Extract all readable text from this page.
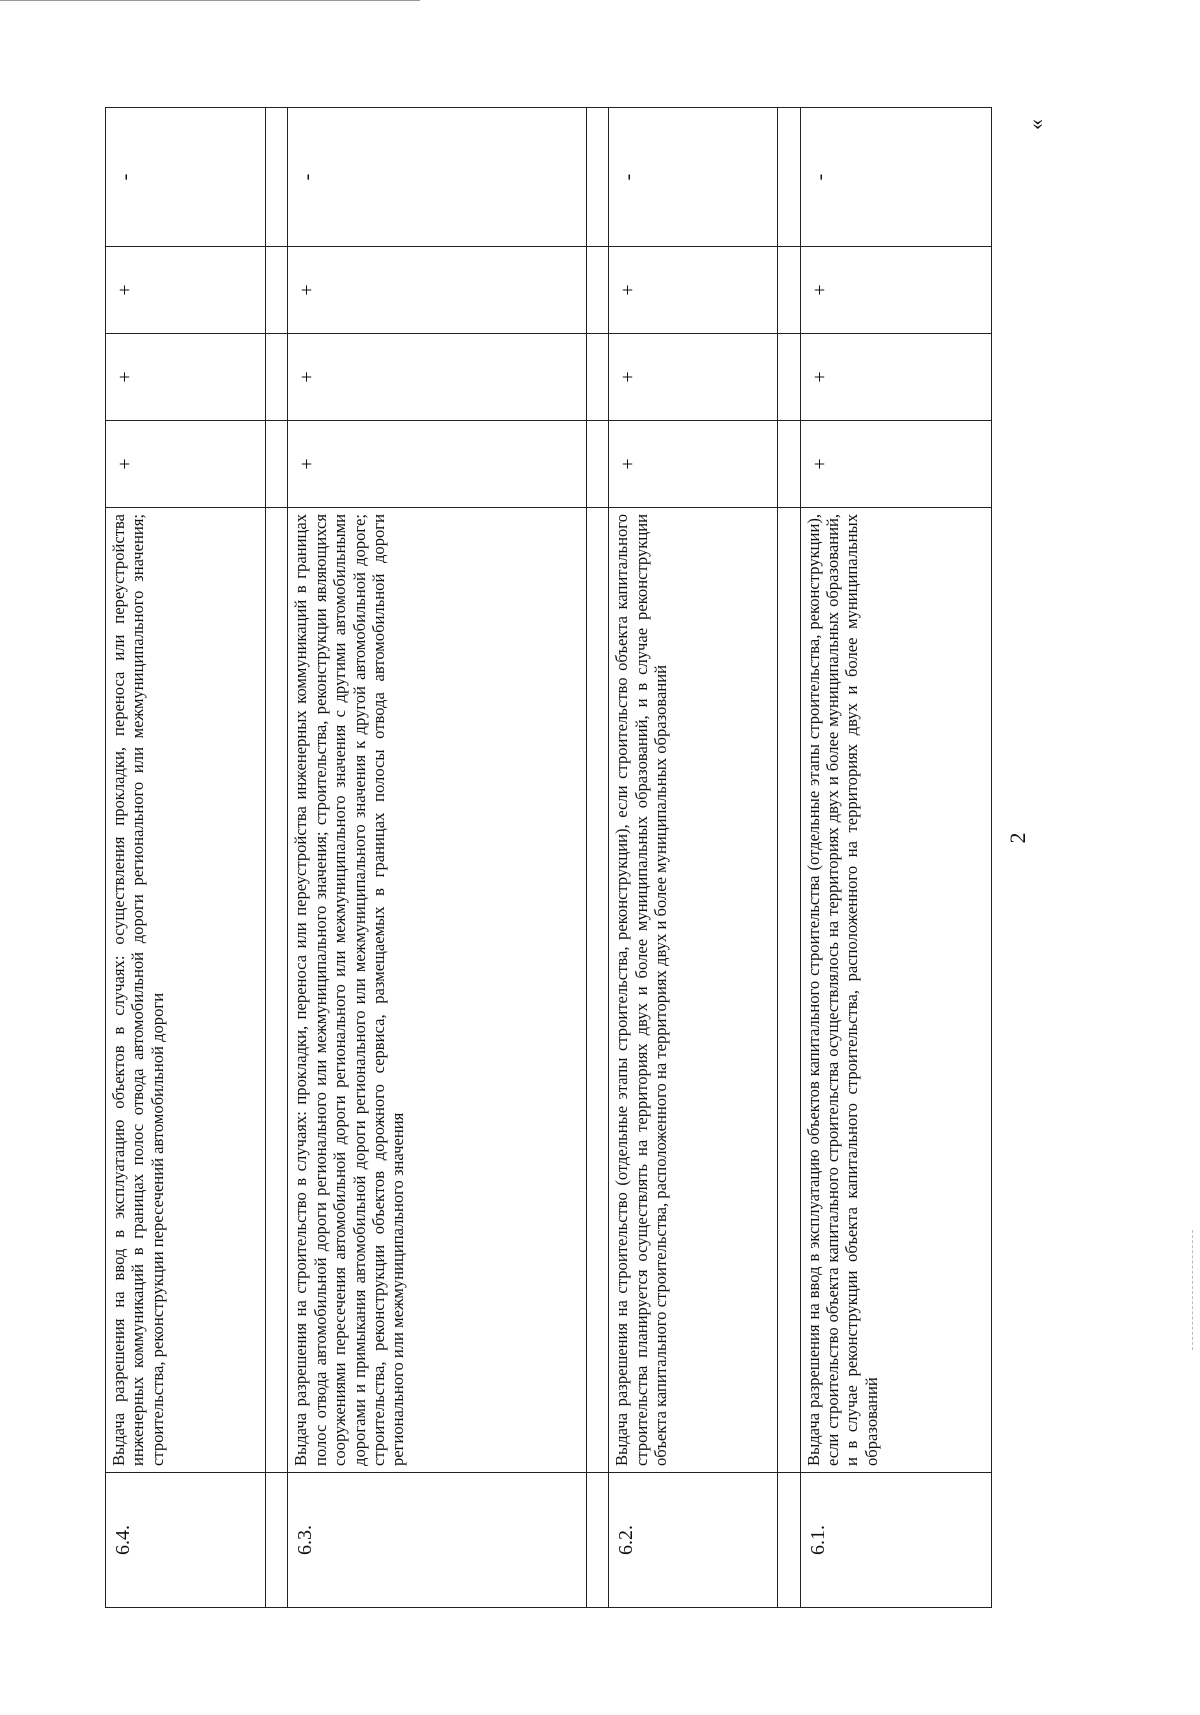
2
«
6.4.	Выдача разрешения на ввод в эксплуатацию объектов в случаях: осуществления прокладки, переноса или переустройства инженерных коммуникаций в границах полос отвода автомобильной дороги регионального или межмуниципального значения; строительства, реконструкции пересечений автомобильной дороги	+	+	+	-

6.3.	Выдача разрешения на строительство в случаях: прокладки, переноса или переустройства инженерных коммуникаций в границах полос отвода автомобильной дороги регионального или межмуниципального значения; строительства, реконструкции являющихся сооружениями пересечения автомобильной дороги регионального или межмуниципального значения с другими автомобильными дорогами и примыкания автомобильной дороги регионального или межмуниципального значения к другой автомобильной дороге; строительства, реконструкции объектов дорожного сервиса, размещаемых в границах полосы отвода автомобильной дороги регионального или межмуниципального значения	+	+	+	-

6.2.	Выдача разрешения на строительство (отдельные этапы строительства, реконструкции), если строительство объекта капитального строительства планируется осуществлять на территориях двух и более муниципальных образований, и в случае реконструкции объекта капитального строительства, расположенного на территориях двух и более муниципальных образований	+	+	+	-

6.1.	Выдача разрешения на ввод в эксплуатацию объектов капитального строительства (отдельные этапы строительства, реконструкции), если строительство объекта капитального строительства осуществлялось на территориях двух и более муниципальных образований, и в случае реконструкции объекта капитального строительства, расположенного на территориях двух и более муниципальных образований	+	+	+	-
